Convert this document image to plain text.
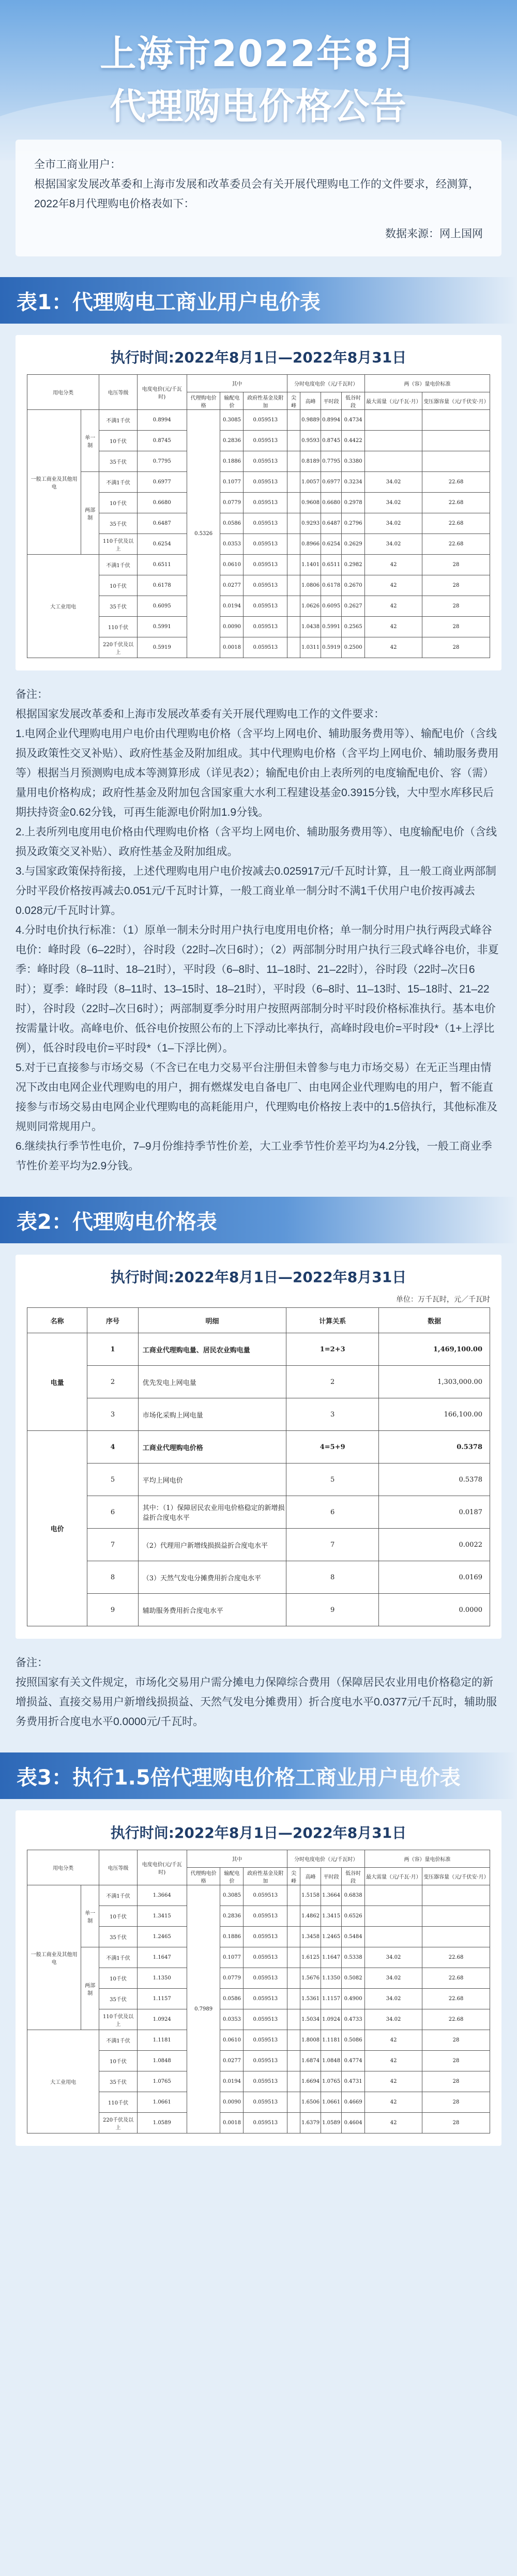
上海市2022年8月
代理购电价格公告
全市工商业用户：
根据国家发展改革委和上海市发展和改革委员会有关开展代理购电工作的文件要求，经测算，2022年8月代理购电价格表如下：
数据来源：网上国网
表1：代理购电工商业用户电价表
执行时间:2022年8月1日—2022年8月31日
用电分类		电压等级	电度电价(元/千瓦时)	其中			分时电度电价（元/千瓦时）				两（容）量电价标准	
				代理购电价格	输配电价	政府性基金及附加	尖峰	高峰	平时段	低谷时段	最大需量（元/千瓦·月）	变压器容量（元/千伏安·月）
一般工商业及其他用电	单一制	不满1千伏	0.8994	0.5326	0.3085	0.059513		0.9889	0.8994	0.4734		
		10千伏	0.8745		0.2836	0.059513		0.9593	0.8745	0.4422		
		35千伏	0.7795		0.1886	0.059513		0.8189	0.7795	0.3380		
	两部制	不满1千伏	0.6977		0.1077	0.059513		1.0057	0.6977	0.3234	34.02	22.68
		10千伏	0.6680		0.0779	0.059513		0.9608	0.6680	0.2978	34.02	22.68
		35千伏	0.6487		0.0586	0.059513		0.9293	0.6487	0.2796	34.02	22.68
		110千伏及以上	0.6254		0.0353	0.059513		0.8966	0.6254	0.2629	34.02	22.68
大工业用电		不满1千伏	0.6511		0.0610	0.059513		1.1401	0.6511	0.2982	42	28
		10千伏	0.6178		0.0277	0.059513		1.0806	0.6178	0.2670	42	28
		35千伏	0.6095		0.0194	0.059513		1.0626	0.6095	0.2627	42	28
		110千伏	0.5991		0.0090	0.059513		1.0438	0.5991	0.2565	42	28
		220千伏及以上	0.5919		0.0018	0.059513		1.0311	0.5919	0.2500	42	28

备注：

根据国家发展改革委和上海市发展改革委有关开展代理购电工作的文件要求：

1.电网企业代理购电用户电价由代理购电价格（含平均上网电价、辅助服务费用等）、输配电价（含线损及政策性交叉补贴）、政府性基金及附加组成。其中代理购电价格（含平均上网电价、辅助服务费用等）根据当月预测购电成本等测算形成（详见表2）；输配电价由上表所列的电度输配电价、容（需）量用电价格构成；政府性基金及附加包含国家重大水利工程建设基金0.3915分钱，大中型水库移民后期扶持资金0.62分钱，可再生能源电价附加1.9分钱。

2.上表所列电度用电价格由代理购电价格（含平均上网电价、辅助服务费用等）、电度输配电价（含线损及政策交叉补贴）、政府性基金及附加组成。

3.与国家政策保持衔接，上述代理购电用户电价按减去0.025917元/千瓦时计算，且一般工商业两部制分时平段价格按再减去0.051元/千瓦时计算，一般工商业单一制分时不满1千伏用户电价按再减去0.028元/千瓦时计算。

4.分时电价执行标准：（1）原单一制未分时用户执行电度用电价格；单一制分时用户执行两段式峰谷电价：峰时段（6–22时），谷时段（22时–次日6时）；（2）两部制分时用户执行三段式峰谷电价，非夏季：峰时段（8–11时、18–21时），平时段（6–8时、11–18时、21–22时），谷时段（22时–次日6时）；夏季：峰时段（8–11时、13–15时、18–21时），平时段（6–8时、11–13时、15–18时、21–22时），谷时段（22时–次日6时）；两部制夏季分时用户按照两部制分时平时段价格标准执行。基本电价按需量计收。高峰电价、低谷电价按照公布的上下浮动比率执行，高峰时段电价=平时段*（1+上浮比例），低谷时段电价=平时段*（1–下浮比例）。

5.对于已直接参与市场交易（不含已在电力交易平台注册但未曾参与电力市场交易）在无正当理由情况下改由电网企业代理购电的用户，拥有燃煤发电自备电厂、由电网企业代理购电的用户，暂不能直接参与市场交易由电网企业代理购电的高耗能用户，代理购电价格按上表中的1.5倍执行，其他标准及规则同常规用户。

6.继续执行季节性电价，7–9月份维持季节性价差，大工业季节性价差平均为4.2分钱，一般工商业季节性价差平均为2.9分钱。

表2：代理购电价格表
执行时间:2022年8月1日—2022年8月31日
单位：万千瓦时，元／千瓦时
名称	序号	明细	计算关系	数据
电量	1	工商业代理购电量、居民农业购电量	1=2+3	1,469,100.00
	2	优先发电上网电量	2	1,303,000.00
	3	市场化采购上网电量	3	166,100.00
电价	4	工商业代理购电价格	4=5+9	0.5378
	5	平均上网电价	5	0.5378
	6	其中：（1）保障居民农业用电价格稳定的新增损益折合度电水平	6	0.0187
	7	（2）代理用户新增线损损益折合度电水平	7	0.0022
	8	（3）天然气发电分摊费用折合度电水平	8	0.0169
	9	辅助服务费用折合度电水平	9	0.0000

备注：

按照国家有关文件规定，市场化交易用户需分摊电力保障综合费用（保障居民农业用电价格稳定的新增损益、直接交易用户新增线损损益、天然气发电分摊费用）折合度电水平0.0377元/千瓦时，辅助服务费用折合度电水平0.0000元/千瓦时。

表3：执行1.5倍代理购电价格工商业用户电价表
执行时间:2022年8月1日—2022年8月31日
用电分类		电压等级	电度电价(元/千瓦时)	其中			分时电度电价（元/千瓦时）				两（容）量电价标准	
				代理购电价格	输配电价	政府性基金及附加	尖峰	高峰	平时段	低谷时段	最大需量（元/千瓦·月）	变压器容量（元/千伏安·月）
一般工商业及其他用电	单一制	不满1千伏	1.3664	0.7989	0.3085	0.059513		1.5158	1.3664	0.6838		
		10千伏	1.3415		0.2836	0.059513		1.4862	1.3415	0.6526		
		35千伏	1.2465		0.1886	0.059513		1.3458	1.2465	0.5484		
	两部制	不满1千伏	1.1647		0.1077	0.059513		1.6125	1.1647	0.5338	34.02	22.68
		10千伏	1.1350		0.0779	0.059513		1.5676	1.1350	0.5082	34.02	22.68
		35千伏	1.1157		0.0586	0.059513		1.5361	1.1157	0.4900	34.02	22.68
		110千伏及以上	1.0924		0.0353	0.059513		1.5034	1.0924	0.4733	34.02	22.68
大工业用电		不满1千伏	1.1181		0.0610	0.059513		1.8008	1.1181	0.5086	42	28
		10千伏	1.0848		0.0277	0.059513		1.6874	1.0848	0.4774	42	28
		35千伏	1.0765		0.0194	0.059513		1.6694	1.0765	0.4731	42	28
		110千伏	1.0661		0.0090	0.059513		1.6506	1.0661	0.4669	42	28
		220千伏及以上	1.0589		0.0018	0.059513		1.6379	1.0589	0.4604	42	28
